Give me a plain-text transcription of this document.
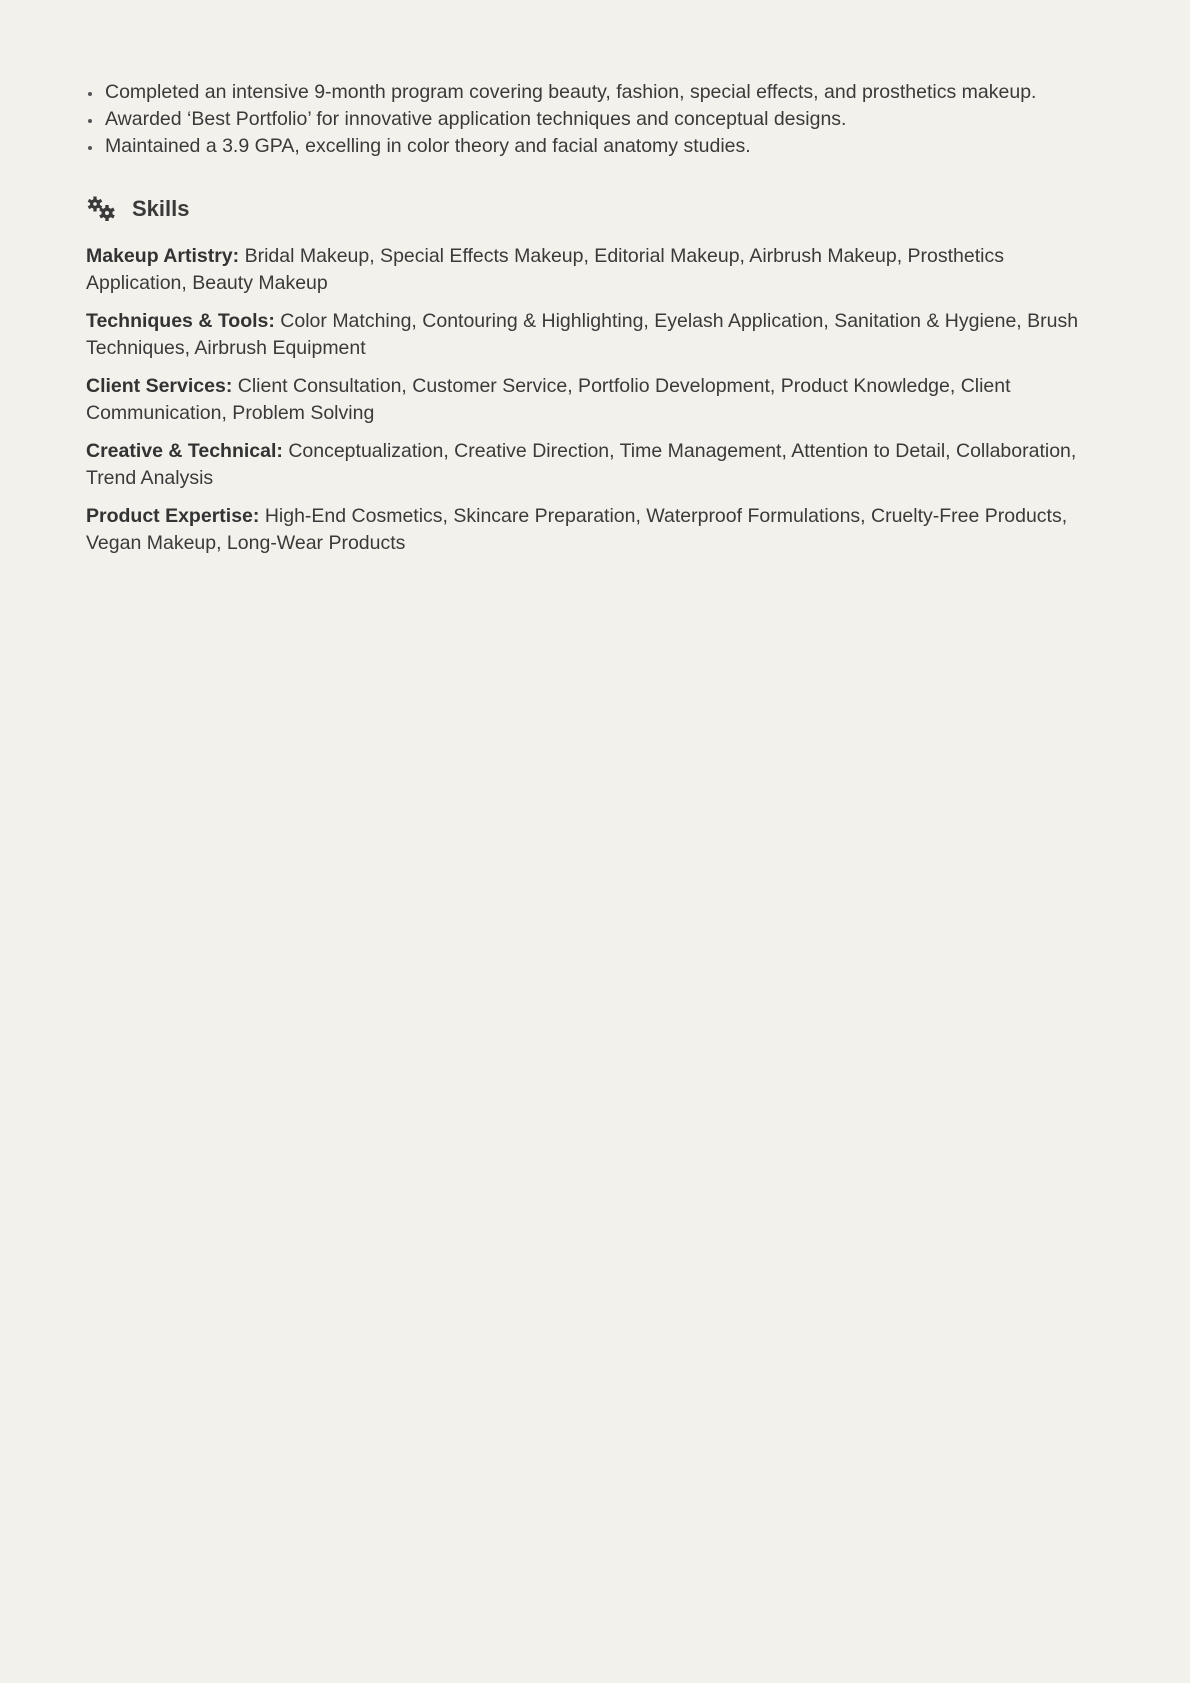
Completed an intensive 9-month program covering beauty, fashion, special effects, and prosthetics makeup.
Awarded ‘Best Portfolio’ for innovative application techniques and conceptual designs.
Maintained a 3.9 GPA, excelling in color theory and facial anatomy studies.
Skills
Makeup Artistry: Bridal Makeup, Special Effects Makeup, Editorial Makeup, Airbrush Makeup, Prosthetics Application, Beauty Makeup
Techniques & Tools: Color Matching, Contouring & Highlighting, Eyelash Application, Sanitation & Hygiene, Brush Techniques, Airbrush Equipment
Client Services: Client Consultation, Customer Service, Portfolio Development, Product Knowledge, Client Communication, Problem Solving
Creative & Technical: Conceptualization, Creative Direction, Time Management, Attention to Detail, Collaboration, Trend Analysis
Product Expertise: High-End Cosmetics, Skincare Preparation, Waterproof Formulations, Cruelty-Free Products, Vegan Makeup, Long-Wear Products
